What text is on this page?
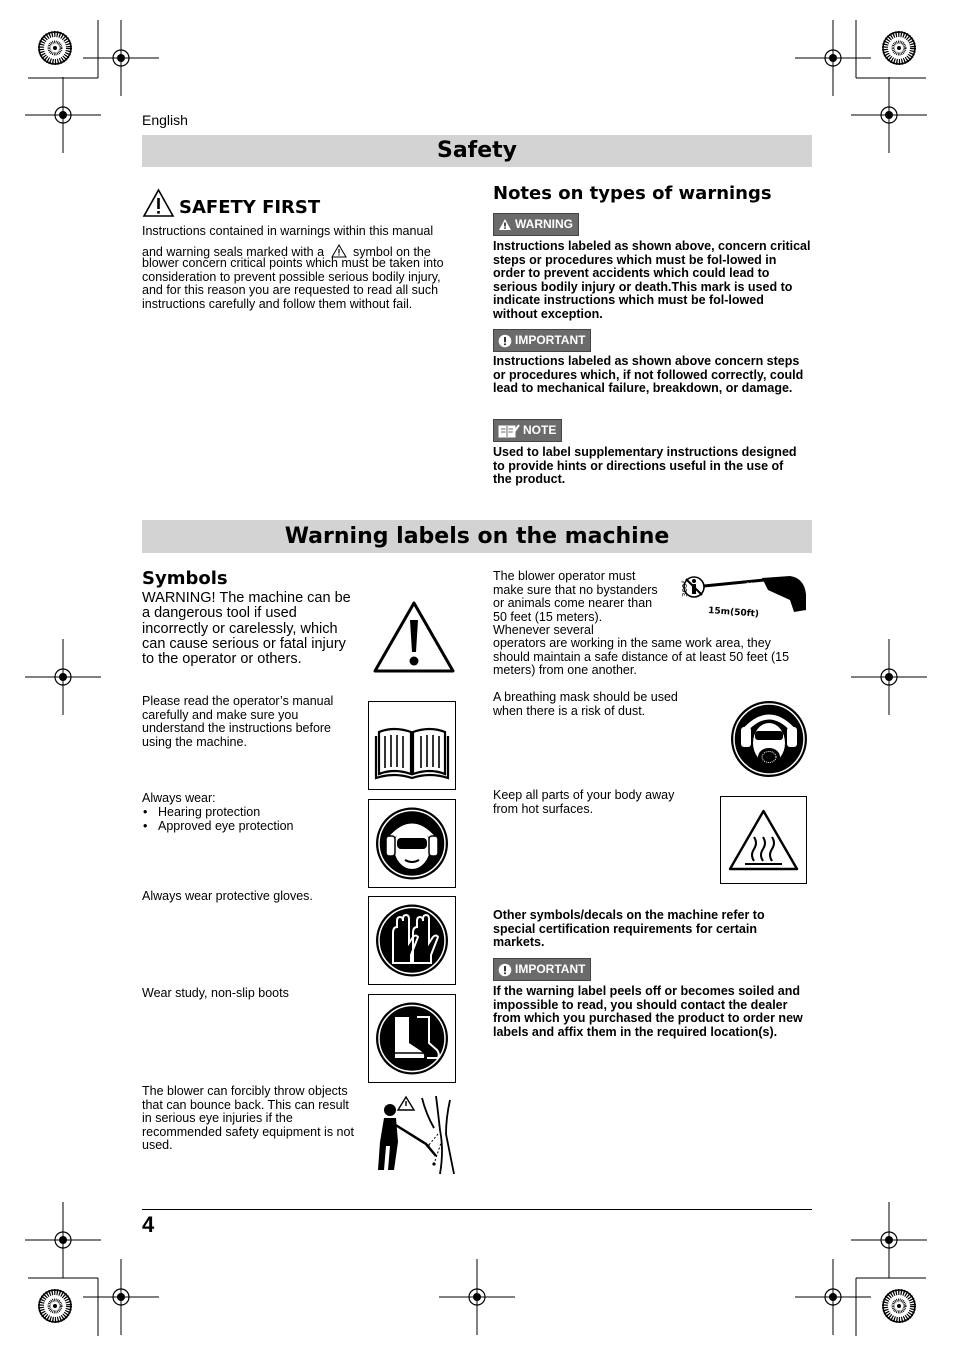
English
Safety
SAFETY FIRST
Instructions contained in warnings within this manual
and warning seals marked with a symbol on the
blower concern critical points which must be taken into consideration to prevent possible serious bodily injury, and for this reason you are requested to read all such instructions carefully and follow them without fail.
Notes on types of warnings
WARNING
Instructions labeled as shown above, concern critical steps or procedures which must be fol-lowed in order to prevent accidents which could lead to serious bodily injury or death.This mark is used to indicate instructions which must be fol-lowed without exception.
IMPORTANT
Instructions labeled as shown above concern steps or procedures which, if not followed correctly, could lead to mechanical failure, breakdown, or damage.
NOTE
Used to label supplementary instructions designed to provide hints or directions useful in the use of the product.
Warning labels on the machine
Symbols
WARNING! The machine can be a dangerous tool if used incorrectly or carelessly, which can cause serious or fatal injury to the operator or others.
Please read the operator’s manual carefully and make sure you understand the instructions before using the machine.
Always wear:
• Hearing protection
• Approved eye protection
Always wear protective gloves.
Wear study, non-slip boots
The blower can forcibly throw objects that can bounce back. This can result in serious eye injuries if the recommended safety equipment is not used.
The blower operator must make sure that no bystanders or animals come nearer than 50 feet (15 meters). Whenever several
operators are working in the same work area, they should maintain a safe distance of at least 50 feet (15 meters) from one another.
ea
360°
15m(50ft)
A breathing mask should be used when there is a risk of dust.
Keep all parts of your body away from hot surfaces.
Other symbols/decals on the machine refer to special certification requirements for certain markets.
IMPORTANT
If the warning label peels off or becomes soiled and impossible to read, you should contact the dealer from which you purchased the product to order new labels and affix them in the required location(s).
4
